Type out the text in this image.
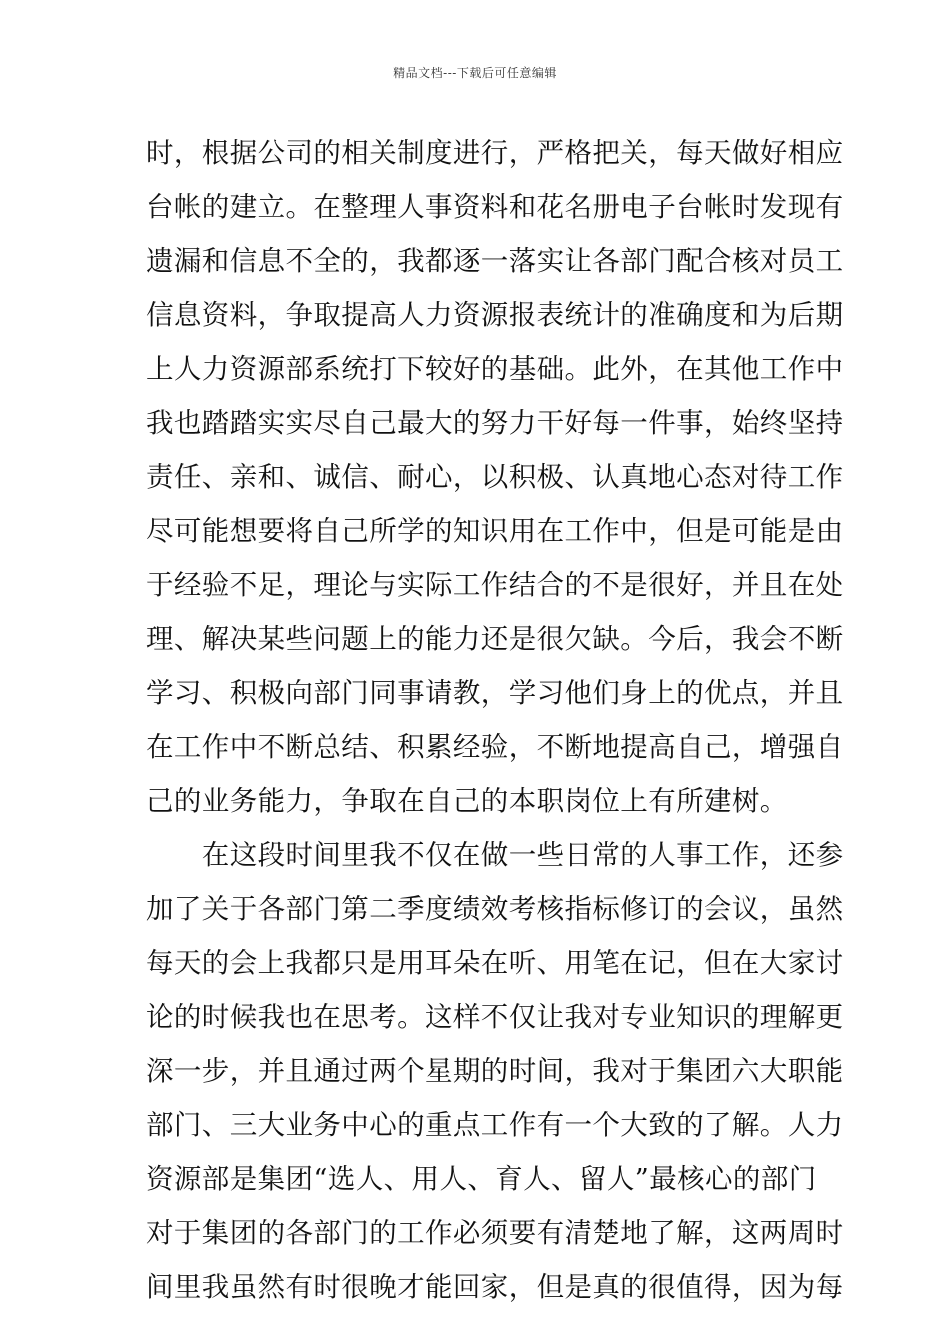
精品文档---下载后可任意编辑
时，根据公司的相关制度进行，严格把关，每天做好相应
台帐的建立。在整理人事资料和花名册电子台帐时发现有
遗漏和信息不全的，我都逐一落实让各部门配合核对员工
信息资料，争取提高人力资源报表统计的准确度和为后期
上人力资源部系统打下较好的基础。此外，在其他工作中
我也踏踏实实尽自己最大的努力干好每一件事，始终坚持
责任、亲和、诚信、耐心，以积极、认真地心态对待工作
尽可能想要将自己所学的知识用在工作中，但是可能是由
于经验不足，理论与实际工作结合的不是很好，并且在处
理、解决某些问题上的能力还是很欠缺。今后，我会不断
学习、积极向部门同事请教，学习他们身上的优点，并且
在工作中不断总结、积累经验，不断地提高自己，增强自
己的业务能力，争取在自己的本职岗位上有所建树。
　　在这段时间里我不仅在做一些日常的人事工作，还参
加了关于各部门第二季度绩效考核指标修订的会议，虽然
每天的会上我都只是用耳朵在听、用笔在记，但在大家讨
论的时候我也在思考。这样不仅让我对专业知识的理解更
深一步，并且通过两个星期的时间，我对于集团六大职能
部门、三大业务中心的重点工作有一个大致的了解。人力
资源部是集团“选人、用人、育人、留人”最核心的部门
对于集团的各部门的工作必须要有清楚地了解，这两周时
间里我虽然有时很晚才能回家，但是真的很值得，因为每
